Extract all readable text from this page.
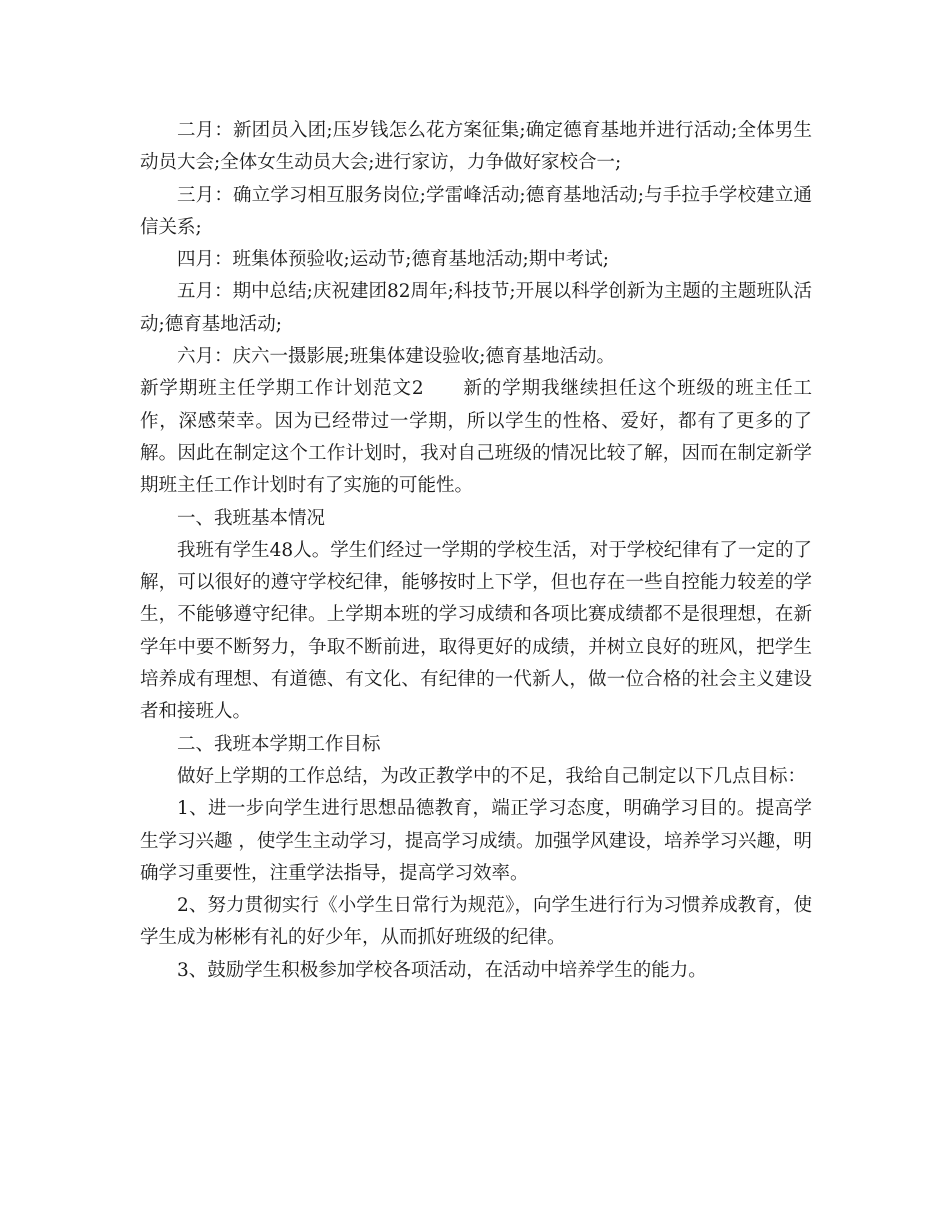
二月：新团员入团;压岁钱怎么花方案征集;确定德育基地并进行活动;全体男生动员大会;全体女生动员大会;进行家访，力争做好家校合一;

三月：确立学习相互服务岗位;学雷峰活动;德育基地活动;与手拉手学校建立通信关系;

四月：班集体预验收;运动节;德育基地活动;期中考试;

五月：期中总结;庆祝建团82周年;科技节;开展以科学创新为主题的主题班队活动;德育基地活动;

六月：庆六一摄影展;班集体建设验收;德育基地活动。

新学期班主任学期工作计划范文2　　新的学期我继续担任这个班级的班主任工作，深感荣幸。因为已经带过一学期，所以学生的性格、爱好，都有了更多的了解。因此在制定这个工作计划时，我对自己班级的情况比较了解，因而在制定新学期班主任工作计划时有了实施的可能性。

一、我班基本情况

我班有学生48人。学生们经过一学期的学校生活，对于学校纪律有了一定的了解，可以很好的遵守学校纪律，能够按时上下学，但也存在一些自控能力较差的学生，不能够遵守纪律。上学期本班的学习成绩和各项比赛成绩都不是很理想，在新学年中要不断努力，争取不断前进，取得更好的成绩，并树立良好的班风，把学生培养成有理想、有道德、有文化、有纪律的一代新人，做一位合格的社会主义建设者和接班人。

二、我班本学期工作目标

做好上学期的工作总结，为改正教学中的不足，我给自己制定以下几点目标：

1、进一步向学生进行思想品德教育，端正学习态度，明确学习目的。提高学生学习兴趣 ，使学生主动学习，提高学习成绩。加强学风建设，培养学习兴趣，明确学习重要性，注重学法指导，提高学习效率。

2、努力贯彻实行《小学生日常行为规范》，向学生进行行为习惯养成教育，使学生成为彬彬有礼的好少年，从而抓好班级的纪律。

3、鼓励学生积极参加学校各项活动，在活动中培养学生的能力。
